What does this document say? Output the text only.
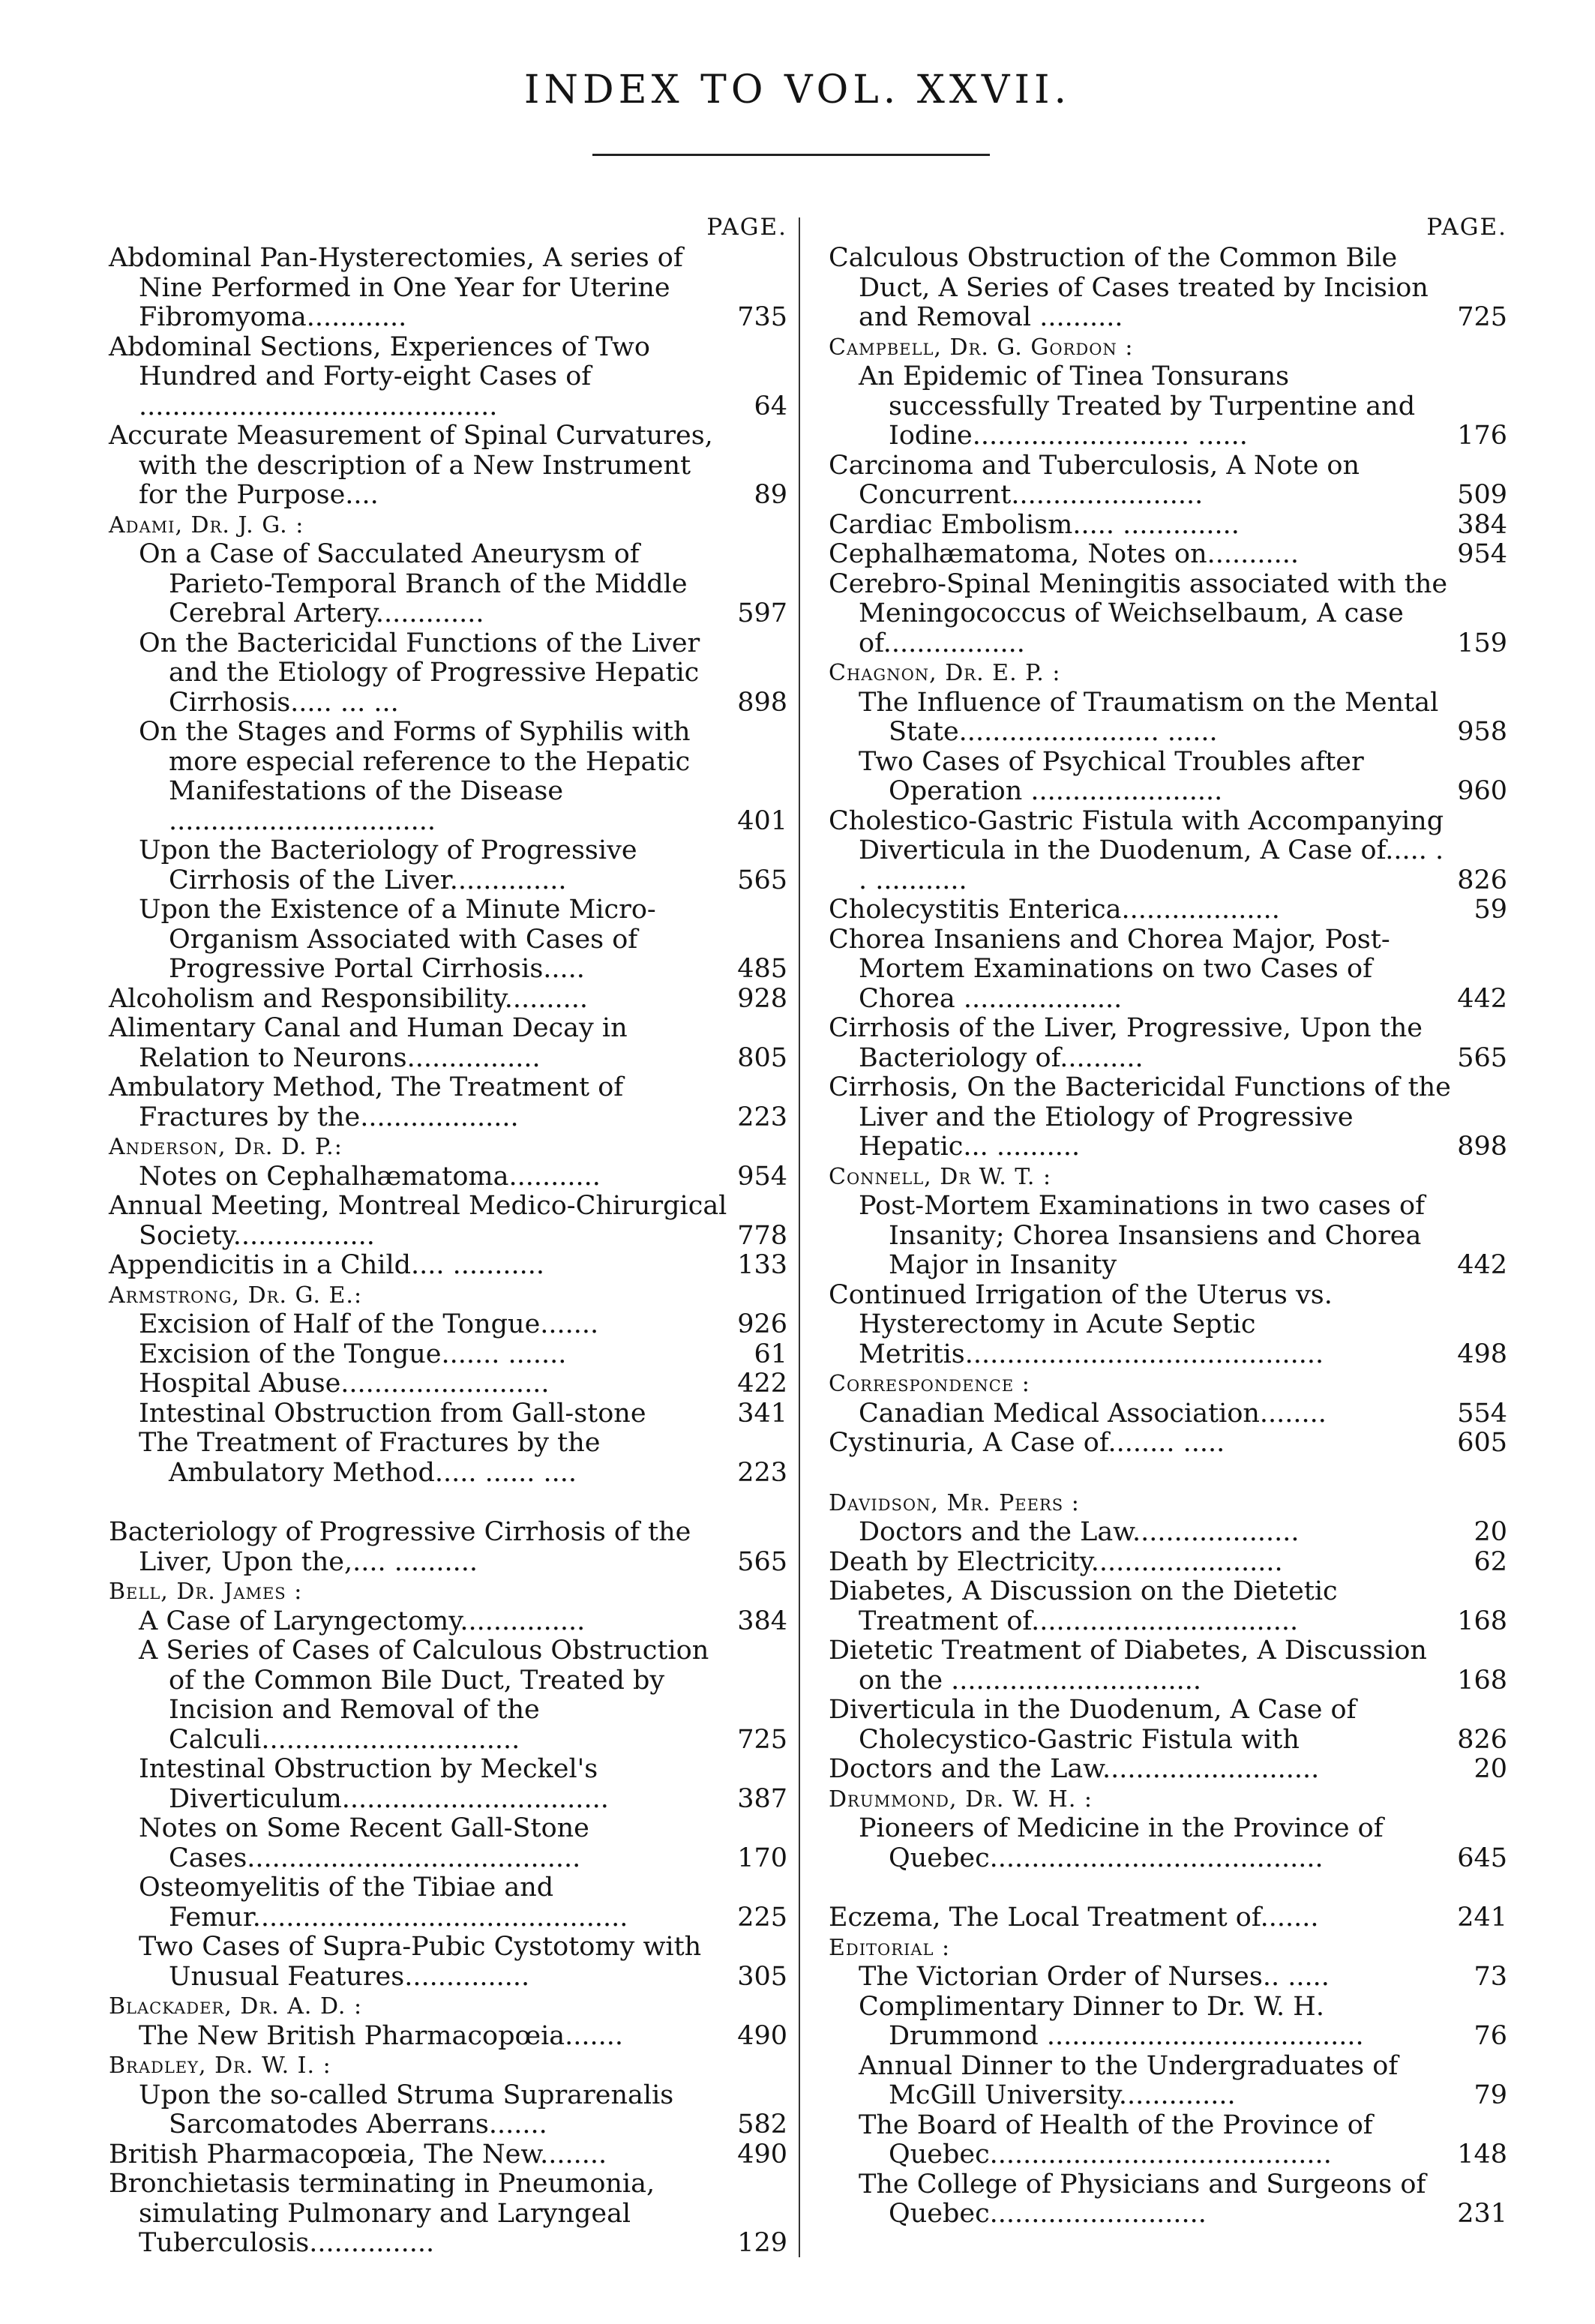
INDEX TO VOL. XXVII.
PAGE.
Abdominal Pan-Hysterectomies, A series of Nine Performed in One Year for Uterine Fibromyoma............	735
Abdominal Sections, Experiences of Two Hundred and Forty-eight Cases of ...........................................	64
Accurate Measurement of Spinal Curvatures, with the description of a New Instrument for the Purpose....	89
Adami, Dr. J. G. :
On a Case of Sacculated Aneurysm of Parieto-Temporal Branch of the Middle Cerebral Artery.............	597
On the Bactericidal Functions of the Liver and the Etiology of Progressive Hepatic Cirrhosis..... ... ...	898
On the Stages and Forms of Syphilis with more especial reference to the Hepatic Manifestations of the Disease ................................	401
Upon the Bacteriology of Progressive Cirrhosis of the Liver..............	565
Upon the Existence of a Minute Micro-Organism Associated with Cases of Progressive Portal Cirrhosis.....	485
Alcoholism and Responsibility..........	928
Alimentary Canal and Human Decay in Relation to Neurons................	805
Ambulatory Method, The Treatment of Fractures by the...................	223
Anderson, Dr. D. P.:
Notes on Cephalhæmatoma...........	954
Annual Meeting, Montreal Medico-Chirurgical Society.................	778
Appendicitis in a Child.... ...........	133
Armstrong, Dr. G. E.:
Excision of Half of the Tongue.......	926
Excision of the Tongue....... .......	61
Hospital Abuse.........................	422
Intestinal Obstruction from Gall-stone	341
The Treatment of Fractures by the Ambulatory Method..... ...... ....	223
Bacteriology of Progressive Cirrhosis of the Liver, Upon the,.... ..........	565
Bell, Dr. James :
A Case of Laryngectomy...............	384
A Series of Cases of Calculous Obstruction of the Common Bile Duct, Treated by Incision and Removal of the Calculi...............................	725
Intestinal Obstruction by Meckel's Diverticulum................................	387
Notes on Some Recent Gall-Stone Cases........................................	170
Osteomyelitis of the Tibiae and Femur.............................................	225
Two Cases of Supra-Pubic Cystotomy with Unusual Features...............	305
Blackader, Dr. A. D. :
The New British Pharmacopœia.......	490
Bradley, Dr. W. I. :
Upon the so-called Struma Suprarenalis Sarcomatodes Aberrans.......	582
British Pharmacopœia, The New........	490
Bronchietasis terminating in Pneumonia, simulating Pulmonary and Laryngeal Tuberculosis...............	129
PAGE.
Calculous Obstruction of the Common Bile Duct, A Series of Cases treated by Incision and Removal ..........	725
Campbell, Dr. G. Gordon :
An Epidemic of Tinea Tonsurans successfully Treated by Turpentine and Iodine.......................... ......	176
Carcinoma and Tuberculosis, A Note on Concurrent.......................	509
Cardiac Embolism..... ..............	384
Cephalhæmatoma, Notes on...........	954
Cerebro-Spinal Meningitis associated with the Meningococcus of Weichselbaum, A case of.................	159
Chagnon, Dr. E. P. :
The Influence of Traumatism on the Mental State........................ ......	958
Two Cases of Psychical Troubles after Operation .......................	960
Cholestico-Gastric Fistula with Accompanying Diverticula in the Duodenum, A Case of..... . . ...........	826
Cholecystitis Enterica...................	59
Chorea Insaniens and Chorea Major, Post-Mortem Examinations on two Cases of Chorea ...................	442
Cirrhosis of the Liver, Progressive, Upon the Bacteriology of..........	565
Cirrhosis, On the Bactericidal Functions of the Liver and the Etiology of Progressive Hepatic... ..........	898
Connell, Dr W. T. :
Post-Mortem Examinations in two cases of Insanity; Chorea Insansiens and Chorea Major in Insanity	442
Continued Irrigation of the Uterus vs. Hysterectomy in Acute Septic Metritis...........................................	498
Correspondence :
Canadian Medical Association........	554
Cystinuria, A Case of........ .....	605
Davidson, Mr. Peers :
Doctors and the Law....................	20
Death by Electricity.......................	62
Diabetes, A Discussion on the Dietetic Treatment of................................	168
Dietetic Treatment of Diabetes, A Discussion on the ..............................	168
Diverticula in the Duodenum, A Case of Cholecystico-Gastric Fistula with	826
Doctors and the Law..........................	20
Drummond, Dr. W. H. :
Pioneers of Medicine in the Province of Quebec........................................	645
Eczema, The Local Treatment of.......	241
Editorial :
The Victorian Order of Nurses.. .....	73
Complimentary Dinner to Dr. W. H. Drummond ......................................	76
Annual Dinner to the Undergraduates of McGill University..............	79
The Board of Health of the Province of Quebec.........................................	148
The College of Physicians and Surgeons of Quebec..........................	231
